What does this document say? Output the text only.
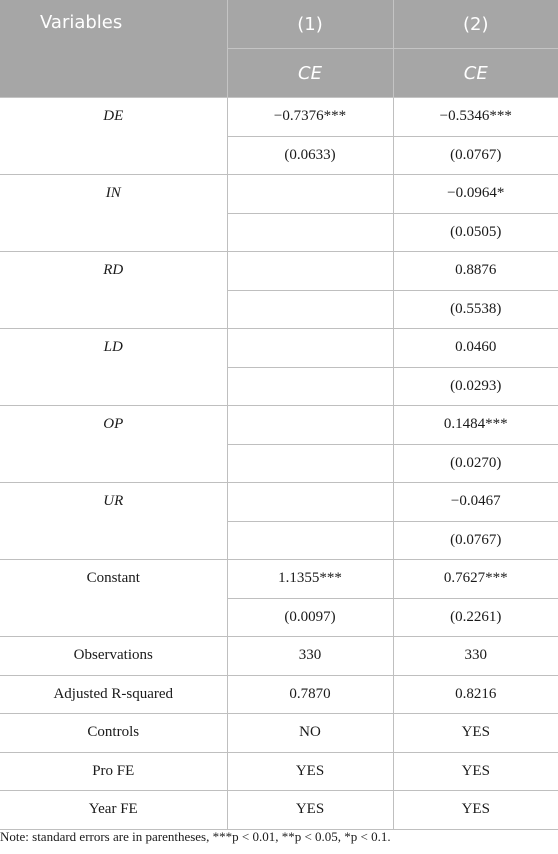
Variables	(1)	(2)
	CE	CE
DE	−0.7376***	−0.5346***
	(0.0633)	(0.0767)
IN		−0.0964*
		(0.0505)
RD		0.8876
		(0.5538)
LD		0.0460
		(0.0293)
OP		0.1484***
		(0.0270)
UR		−0.0467
		(0.0767)
Constant	1.1355***	0.7627***
	(0.0097)	(0.2261)
Observations	330	330
Adjusted R-squared	0.7870	0.8216
Controls	NO	YES
Pro FE	YES	YES
Year FE	YES	YES
Note: standard errors are in parentheses, ***p < 0.01, **p < 0.05, *p < 0.1.
